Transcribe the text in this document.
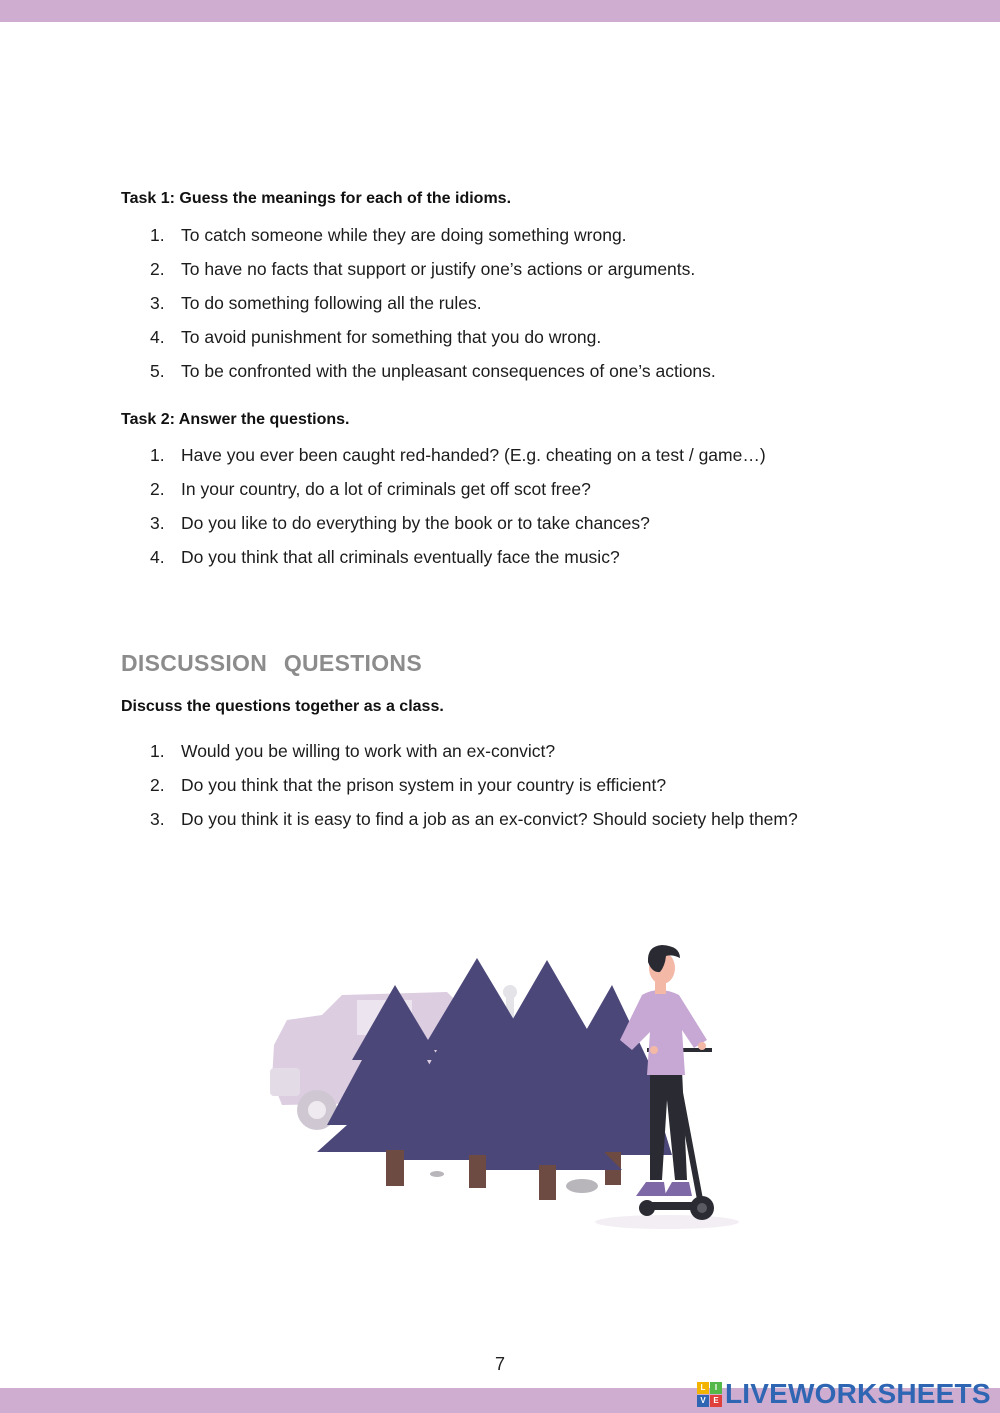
Task 1: Guess the meanings for each of the idioms.
1. To catch someone while they are doing something wrong.
2. To have no facts that support or justify one’s actions or arguments.
3. To do something following all the rules.
4. To avoid punishment for something that you do wrong.
5. To be confronted with the unpleasant consequences of one’s actions.
Task 2: Answer the questions.
1. Have you ever been caught red-handed? (E.g. cheating on a test / game…)
2. In your country, do a lot of criminals get off scot free?
3. Do you like to do everything by the book or to take chances?
4. Do you think that all criminals eventually face the music?
DISCUSSION QUESTIONS
Discuss the questions together as a class.
1. Would you be willing to work with an ex-convict?
2. Do you think that the prison system in your country is efficient?
3. Do you think it is easy to find a job as an ex-convict? Should society help them?
7
L	I
V E LIVEWORKSHEETS
